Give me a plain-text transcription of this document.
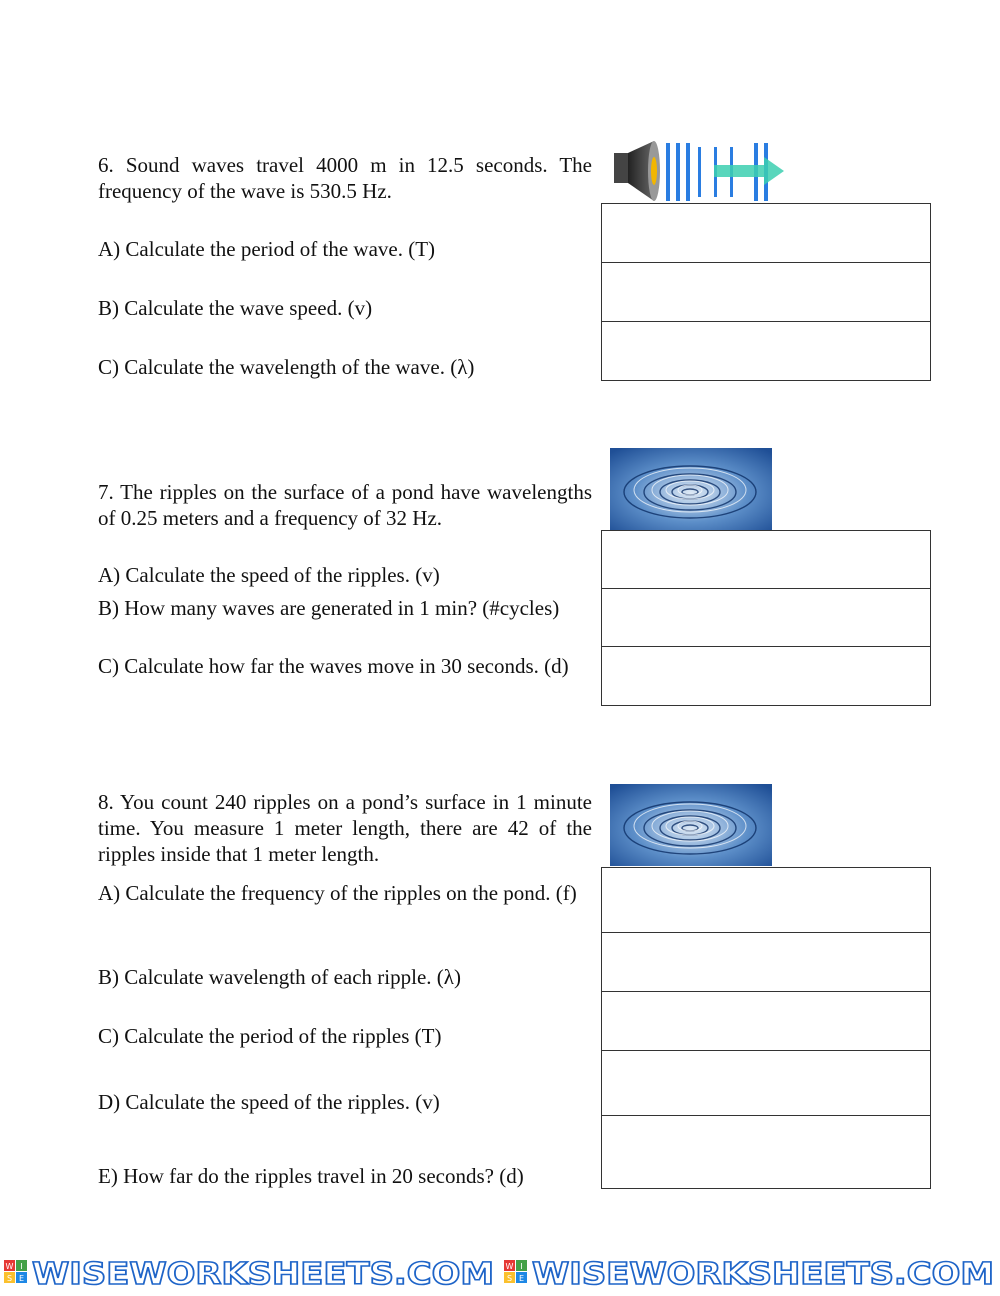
6. Sound waves travel 4000 m in 12.5 seconds. The frequency of the wave is 530.5 Hz.
A) Calculate the period of the wave. (T)
B) Calculate the wave speed. (v)
C) Calculate the wavelength of the wave. (λ)
7. The ripples on the surface of a pond have wavelengths of 0.25 meters and a frequency of 32 Hz.
A) Calculate the speed of the ripples. (v)
B) How many waves are generated in 1 min? (#cycles)
C) Calculate how far the waves move in 30 seconds. (d)
8. You count 240 ripples on a pond’s surface in 1 minute time. You measure 1 meter length, there are 42 of the ripples inside that 1 meter length.
A) Calculate the frequency of the ripples on the pond. (f)
B) Calculate wavelength of each ripple. (λ)
C) Calculate the period of the ripples (T)
D) Calculate the speed of the ripples. (v)
E) How far do the ripples travel in 20 seconds? (d)
W I
S E WISEWORKSHEETS.COM W I
S E WISEWORKSHEETS.COM
